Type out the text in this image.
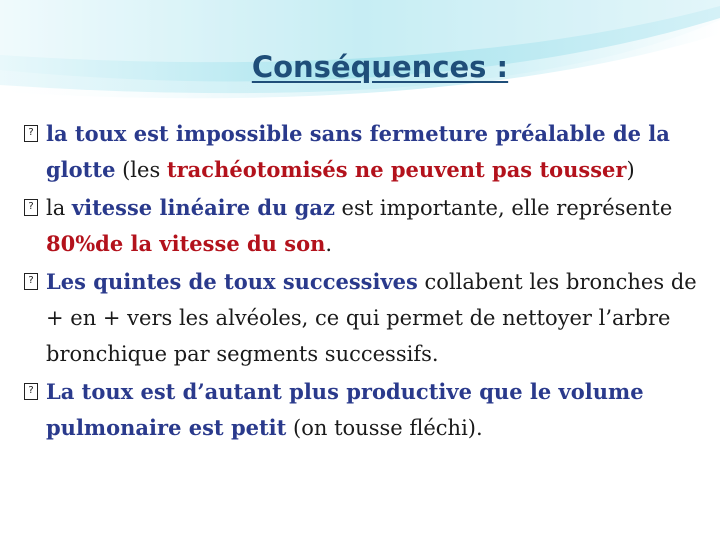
Conséquences :
? la toux est impossible sans fermeture préalable de la glotte (les trachéotomisés ne peuvent pas tousser)
? la vitesse linéaire du gaz est importante, elle représente 80%de la vitesse du son.
? Les quintes de toux successives collabent les bronches de + en + vers les alvéoles, ce qui permet de nettoyer l’arbre bronchique par segments successifs.
? La toux est d’autant plus productive que le volume pulmonaire est petit (on tousse fléchi).
